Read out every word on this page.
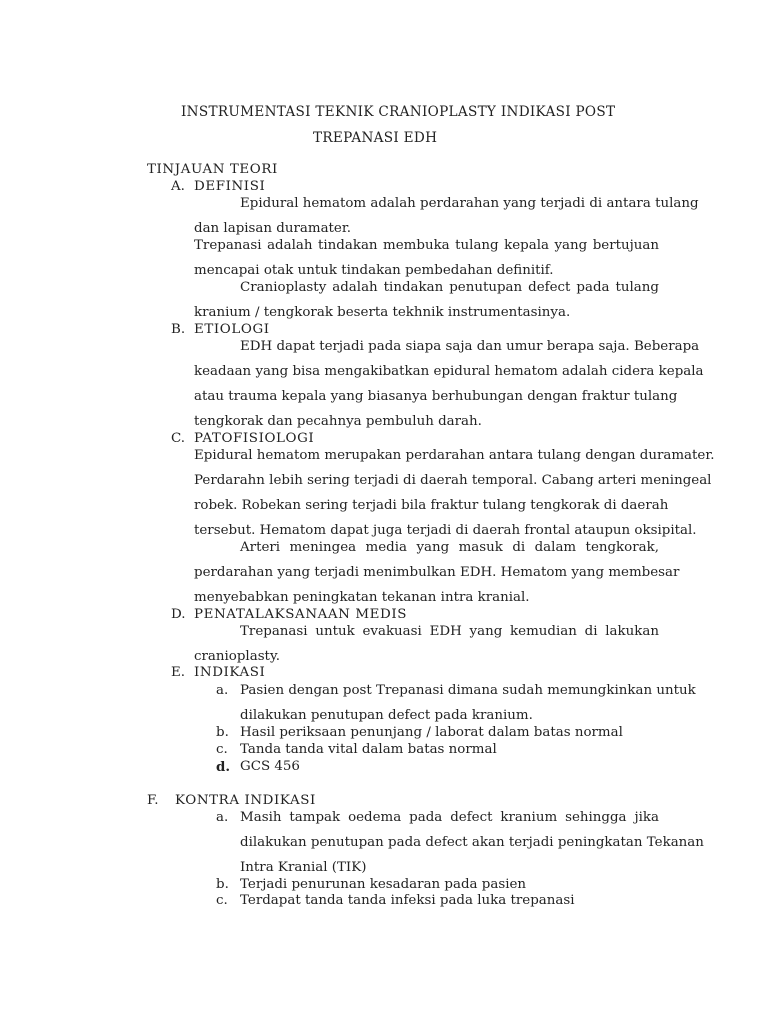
INSTRUMENTASI TEKNIK CRANIOPLASTY INDIKASI POST
TREPANASI EDH
TINJAUAN TEORI
A. DEFINISI
Epidural hematom adalah perdarahan yang terjadi di antara tulang
dan lapisan duramater.
Trepanasi adalah tindakan membuka tulang kepala yang bertujuan
mencapai otak untuk tindakan pembedahan definitif.
Cranioplasty adalah tindakan penutupan defect pada tulang
kranium / tengkorak beserta tekhnik instrumentasinya.
B. ETIOLOGI
EDH dapat terjadi pada siapa saja dan umur berapa saja. Beberapa
keadaan yang bisa mengakibatkan epidural hematom adalah cidera kepala
atau trauma kepala yang biasanya berhubungan dengan fraktur tulang
tengkorak dan pecahnya pembuluh darah.
C. PATOFISIOLOGI
Epidural hematom merupakan perdarahan antara tulang dengan duramater.
Perdarahn lebih sering terjadi di daerah temporal. Cabang arteri meningeal
robek. Robekan sering terjadi bila fraktur tulang tengkorak di daerah
tersebut. Hematom dapat juga terjadi di daerah frontal ataupun oksipital.
Arteri meningea media yang masuk di dalam tengkorak,
perdarahan yang terjadi menimbulkan EDH. Hematom yang membesar
menyebabkan peningkatan tekanan intra kranial.
D. PENATALAKSANAAN MEDIS
Trepanasi untuk evakuasi EDH yang kemudian di lakukan
cranioplasty.
E. INDIKASI
a. Pasien dengan post Trepanasi dimana sudah memungkinkan untuk
dilakukan penutupan defect pada kranium.
b. Hasil periksaan penunjang / laborat dalam batas normal
c. Tanda tanda vital dalam batas normal
d. GCS 456
F. KONTRA INDIKASI
a. Masih tampak oedema pada defect kranium sehingga jika
dilakukan penutupan pada defect akan terjadi peningkatan Tekanan
Intra Kranial (TIK)
b. Terjadi penurunan kesadaran pada pasien
c. Terdapat tanda tanda infeksi pada luka trepanasi
